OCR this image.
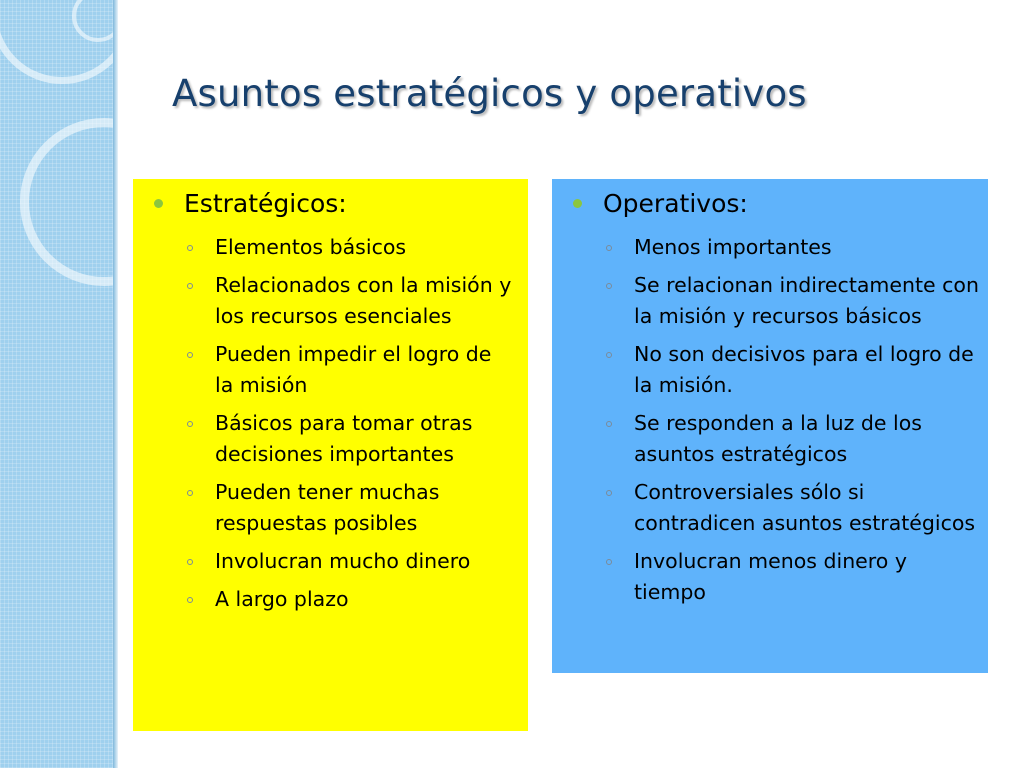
Asuntos estratégicos y operativos
Estratégicos:
Elementos básicos
Relacionados con la misión y los recursos esenciales
Pueden impedir el logro de la misión
Básicos para tomar otras decisiones importantes
Pueden tener muchas respuestas posibles
Involucran mucho dinero
A largo plazo
Operativos:
Menos importantes
Se relacionan indirectamente con la misión y recursos básicos
No son decisivos para el logro de la misión.
Se responden a la luz de los asuntos estratégicos
Controversiales sólo si contradicen asuntos estratégicos
Involucran menos dinero y tiempo
